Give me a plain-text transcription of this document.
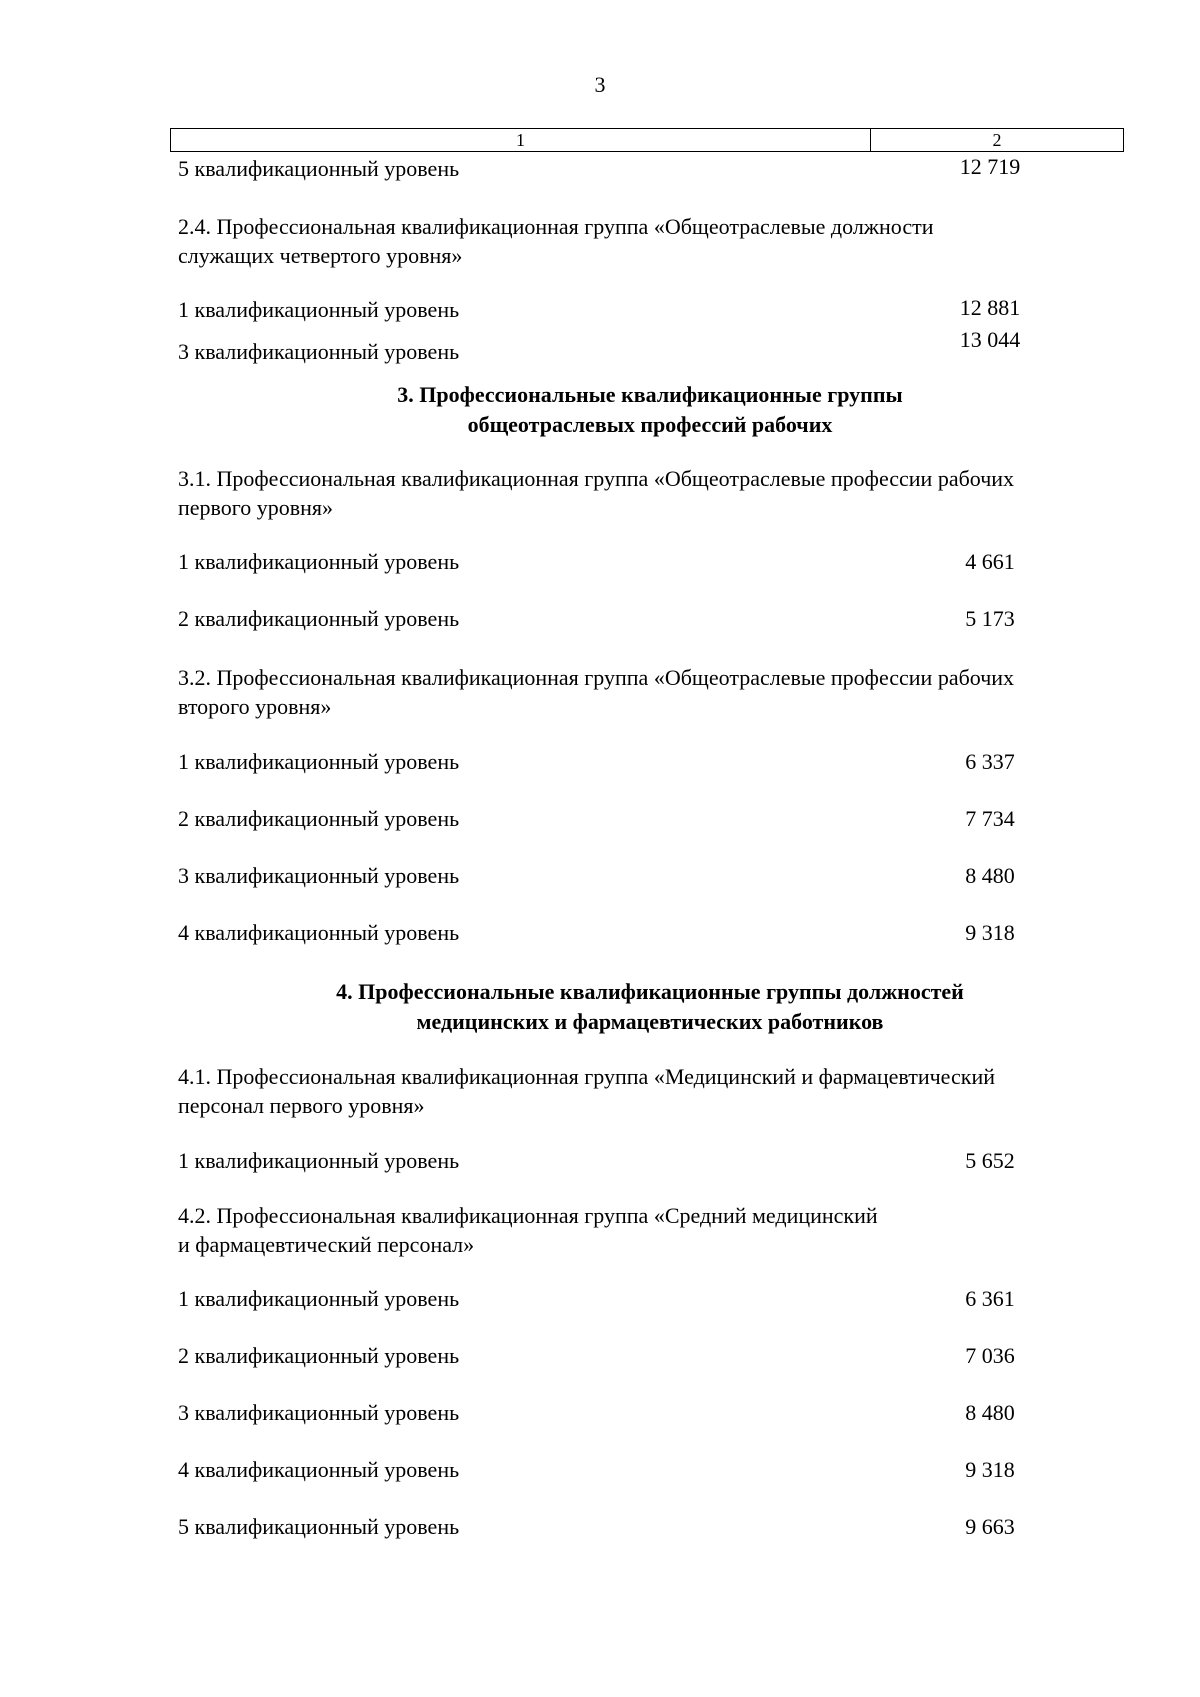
3
1	2
5 квалификационный уровень	12 719
2.4. Профессиональная квалификационная группа «Общеотраслевые должности
служащих четвертого уровня»
1 квалификационный уровень	12 881
3 квалификационный уровень	13 044
3. Профессиональные квалификационные группы
общеотраслевых профессий рабочих
3.1. Профессиональная квалификационная группа «Общеотраслевые профессии рабочих
первого уровня»
1 квалификационный уровень	4 661
2 квалификационный уровень	5 173
3.2. Профессиональная квалификационная группа «Общеотраслевые профессии рабочих
второго уровня»
1 квалификационный уровень	6 337
2 квалификационный уровень	7 734
3 квалификационный уровень	8 480
4 квалификационный уровень	9 318
4. Профессиональные квалификационные группы должностей
медицинских и фармацевтических работников
4.1. Профессиональная квалификационная группа «Медицинский и фармацевтический
персонал первого уровня»
1 квалификационный уровень	5 652
4.2. Профессиональная квалификационная группа «Средний медицинский
и фармацевтический персонал»
1 квалификационный уровень	6 361
2 квалификационный уровень	7 036
3 квалификационный уровень	8 480
4 квалификационный уровень	9 318
5 квалификационный уровень	9 663
